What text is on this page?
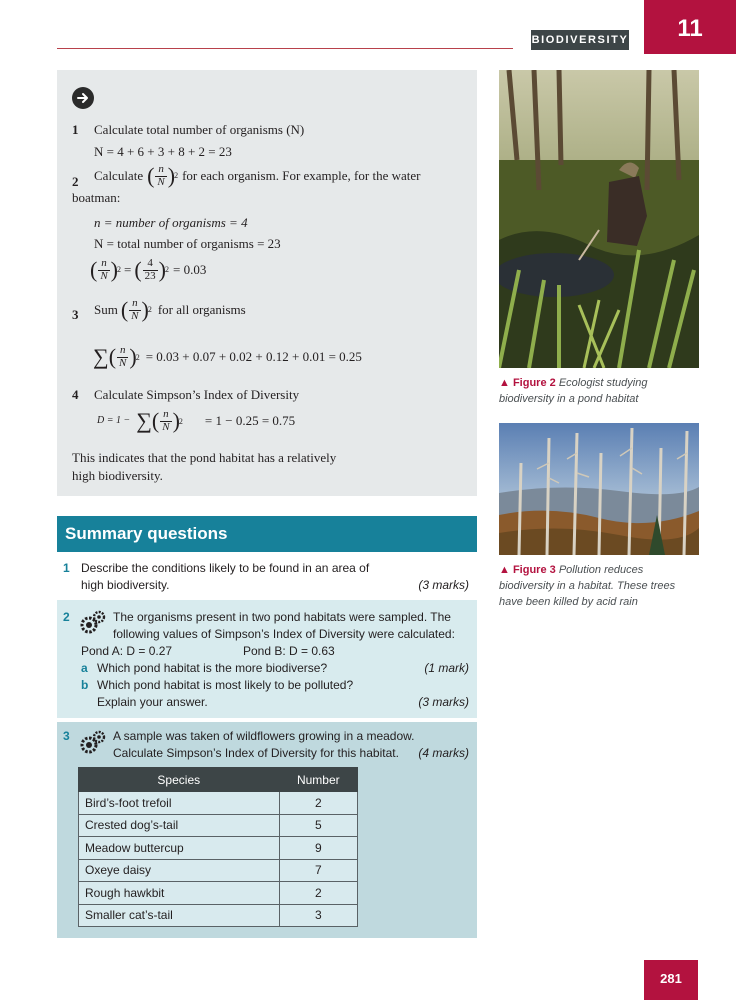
BIODIVERSITY	11
1 Calculate total number of organisms (N)
N = 4 + 6 + 3 + 8 + 2 = 23
2 Calculate ( $\frac{n}{N}$ ) 2 for each organism. For example, for the water
boatman:
n = number of organisms = 4
N = total number of organisms = 23
( $\frac{n}{N}$ ) 2 = ( $\frac{4}{23}$ ) 2 = 0.03
3 Sum ( $\frac{n}{N}$ ) 2 for all organisms
∑ ( $\frac{n}{N}$ ) 2 = 0.03 + 0.07 + 0.02 + 0.12 + 0.01 = 0.25
4 Calculate Simpson’s Index of Diversity
D = 1 − ∑ ( $\frac{n}{N}$ ) 2 = 1 − 0.25 = 0.75
This indicates that the pond habitat has a relatively
high biodiversity.
▲ Figure 2 Ecologist studying
biodiversity in a pond habitat
▲ Figure 3 Pollution reduces
biodiversity in a habitat. These trees
have been killed by acid rain
Summary questions
1 Describe the conditions likely to be found in an area of
high biodiversity.	(3 marks)
2	The organisms present in two pond habitats were sampled. The
following values of Simpson’s Index of Diversity were calculated:
Pond A: D = 0.27	Pond B: D = 0.63
a Which pond habitat is the more biodiverse?	(1 mark)
b Which pond habitat is most likely to be polluted?
Explain your answer.	(3 marks)
3	A sample was taken of wildflowers growing in a meadow.
Calculate Simpson’s Index of Diversity for this habitat. (4 marks)
Species	Number
Bird’s-foot trefoil	2
Crested dog’s-tail	5
Meadow buttercup	9
Oxeye daisy	7
Rough hawkbit	2
Smaller cat’s-tail	3
281
